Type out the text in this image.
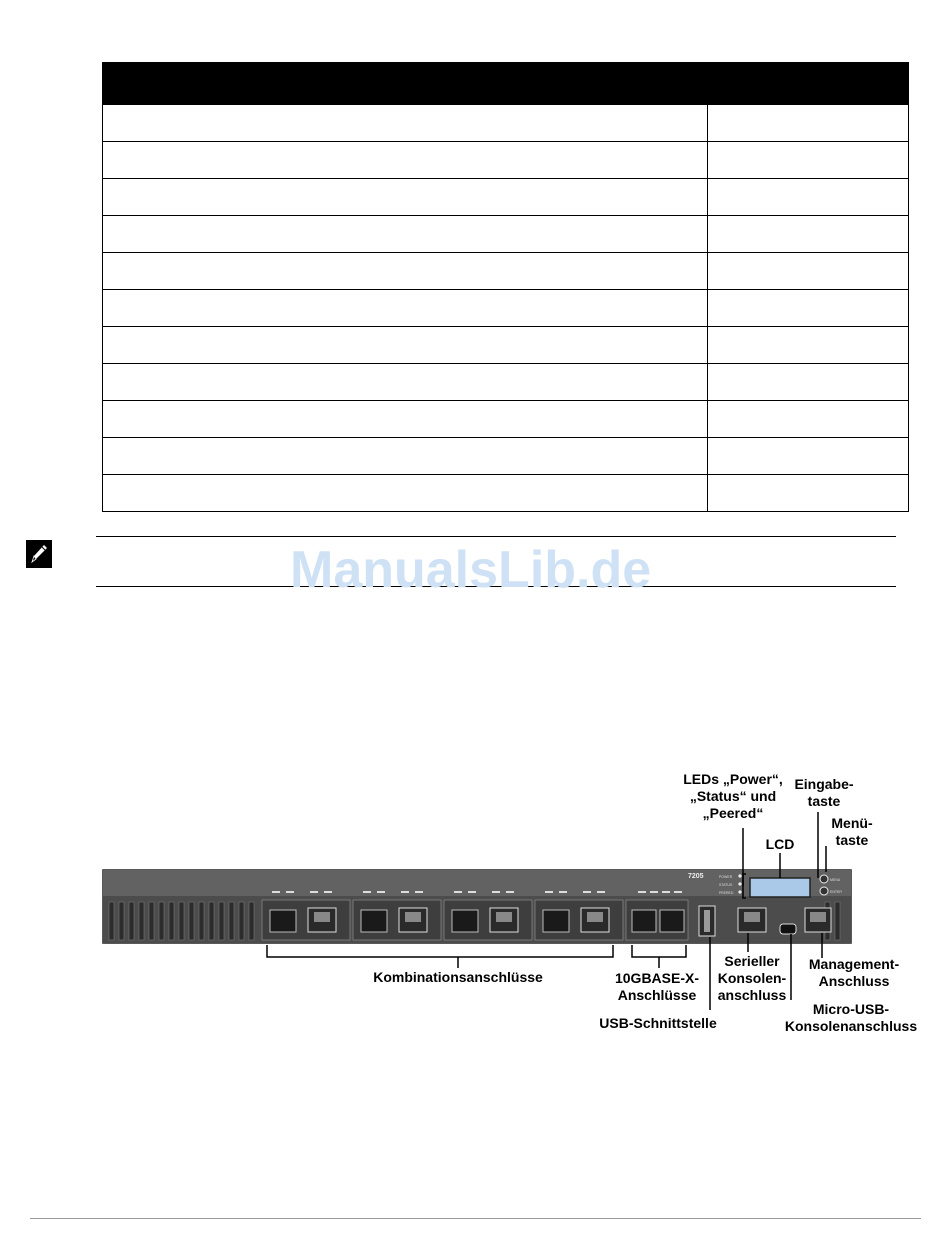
ManualsLib.de
7205	POWER
STATUS
PEERED
MENU
ENTER
LEDs „Power“,
„Status“ und
„Peered“
Eingabe-
taste
Menü-
taste
LCD
Kombinationsanschlüsse	10GBASE-X-
Anschlüsse
USB-Schnittstelle
Serieller
Konsolen-
anschluss
Micro-USB-
Konsolenanschluss
Management-
Anschluss
